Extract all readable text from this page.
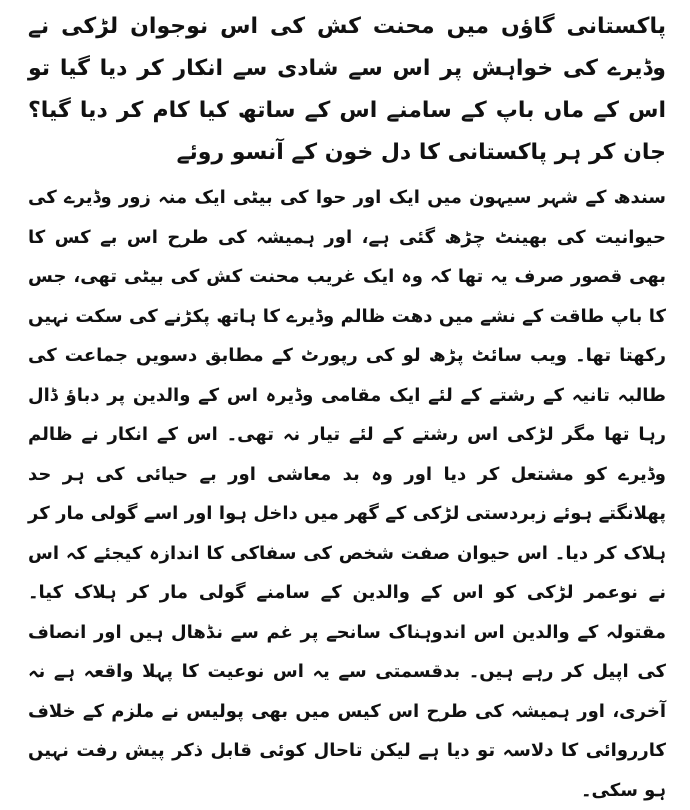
پاکستانی گاؤں میں محنت کش کی اس نوجوان لڑکی نے وڈیرے کی خواہش پر اس سے شادی سے انکار کر دیا گیا تو اس کے ماں باپ کے سامنے اس کے ساتھ کیا کام کر دیا گیا؟ جان کر ہر پاکستانی کا دل خون کے آنسو روئے

سندھ کے شہر سیہون میں ایک اور حوا کی بیٹی ایک منہ زور وڈیرے کی حیوانیت کی بھینٹ چڑھ گئی ہے، اور ہمیشہ کی طرح اس بے کس کا بھی قصور صرف یہ تھا کہ وہ ایک غریب محنت کش کی بیٹی تھی، جس کا باپ طاقت کے نشے میں دھت ظالم وڈیرے کا ہاتھ پکڑنے کی سکت نہیں رکھتا تھا۔ ویب سائٹ پڑھ لو کی رپورٹ کے مطابق دسویں جماعت کی طالبہ تانیہ کے رشتے کے لئے ایک مقامی وڈیرہ اس کے والدین پر دباؤ ڈال رہا تھا مگر لڑکی اس رشتے کے لئے تیار نہ تھی۔ اس کے انکار نے ظالم وڈیرے کو مشتعل کر دیا اور وہ بد معاشی اور بے حیائی کی ہر حد پھلانگتے ہوئے زبردستی لڑکی کے گھر میں داخل ہوا اور اسے گولی مار کر ہلاک کر دیا۔ اس حیوان صفت شخص کی سفاکی کا اندازہ کیجئے کہ اس نے نوعمر لڑکی کو اس کے والدین کے سامنے گولی مار کر ہلاک کیا۔ مقتولہ کے والدین اس اندوہناک سانحے پر غم سے نڈھال ہیں اور انصاف کی اپیل کر رہے ہیں۔ بدقسمتی سے یہ اس نوعیت کا پہلا واقعہ ہے نہ آخری، اور ہمیشہ کی طرح اس کیس میں بھی پولیس نے ملزم کے خلاف کارروائی کا دلاسہ تو دیا ہے لیکن تاحال کوئی قابل ذکر پیش رفت نہیں ہو سکی۔
